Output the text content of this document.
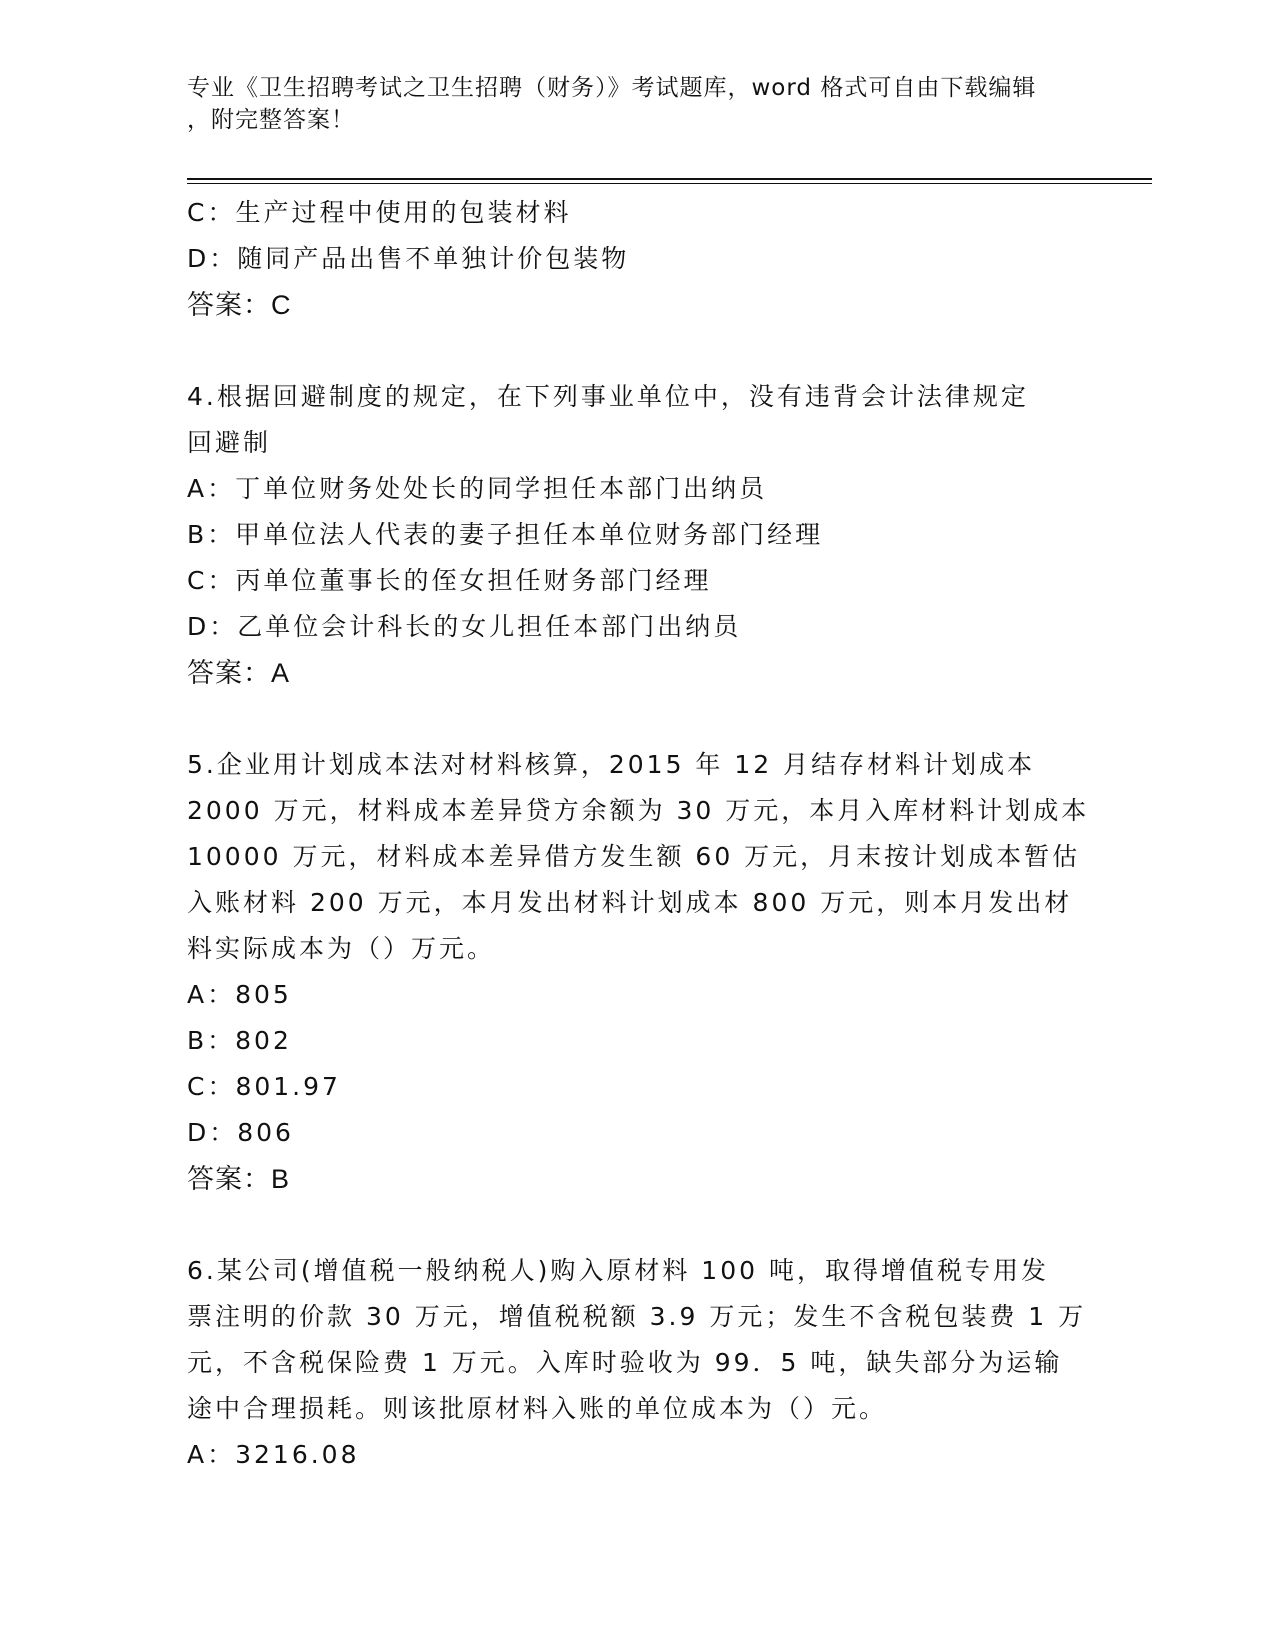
专业《卫生招聘考试之卫生招聘（财务）》考试题库，word 格式可自由下载编辑
，附完整答案！
C：生产过程中使用的包装材料
D：随同产品出售不单独计价包装物
答案：C
4.根据回避制度的规定，在下列事业单位中，没有违背会计法律规定
回避制
A：丁单位财务处处长的同学担任本部门出纳员
B：甲单位法人代表的妻子担任本单位财务部门经理
C：丙单位董事长的侄女担任财务部门经理
D：乙单位会计科长的女儿担任本部门出纳员
答案：A
5.企业用计划成本法对材料核算，2015 年 12 月结存材料计划成本
2000 万元，材料成本差异贷方余额为 30 万元，本月入库材料计划成本
10000 万元，材料成本差异借方发生额 60 万元，月末按计划成本暂估
入账材料 200 万元，本月发出材料计划成本 800 万元，则本月发出材
料实际成本为（）万元。
A：805
B：802
C：801.97
D：806
答案：B
6.某公司(增值税一般纳税人)购入原材料 100 吨，取得增值税专用发
票注明的价款 30 万元，增值税税额 3.9 万元；发生不含税包装费 1 万
元，不含税保险费 1 万元。入库时验收为 99．5 吨，缺失部分为运输
途中合理损耗。则该批原材料入账的单位成本为（）元。
A：3216.08
